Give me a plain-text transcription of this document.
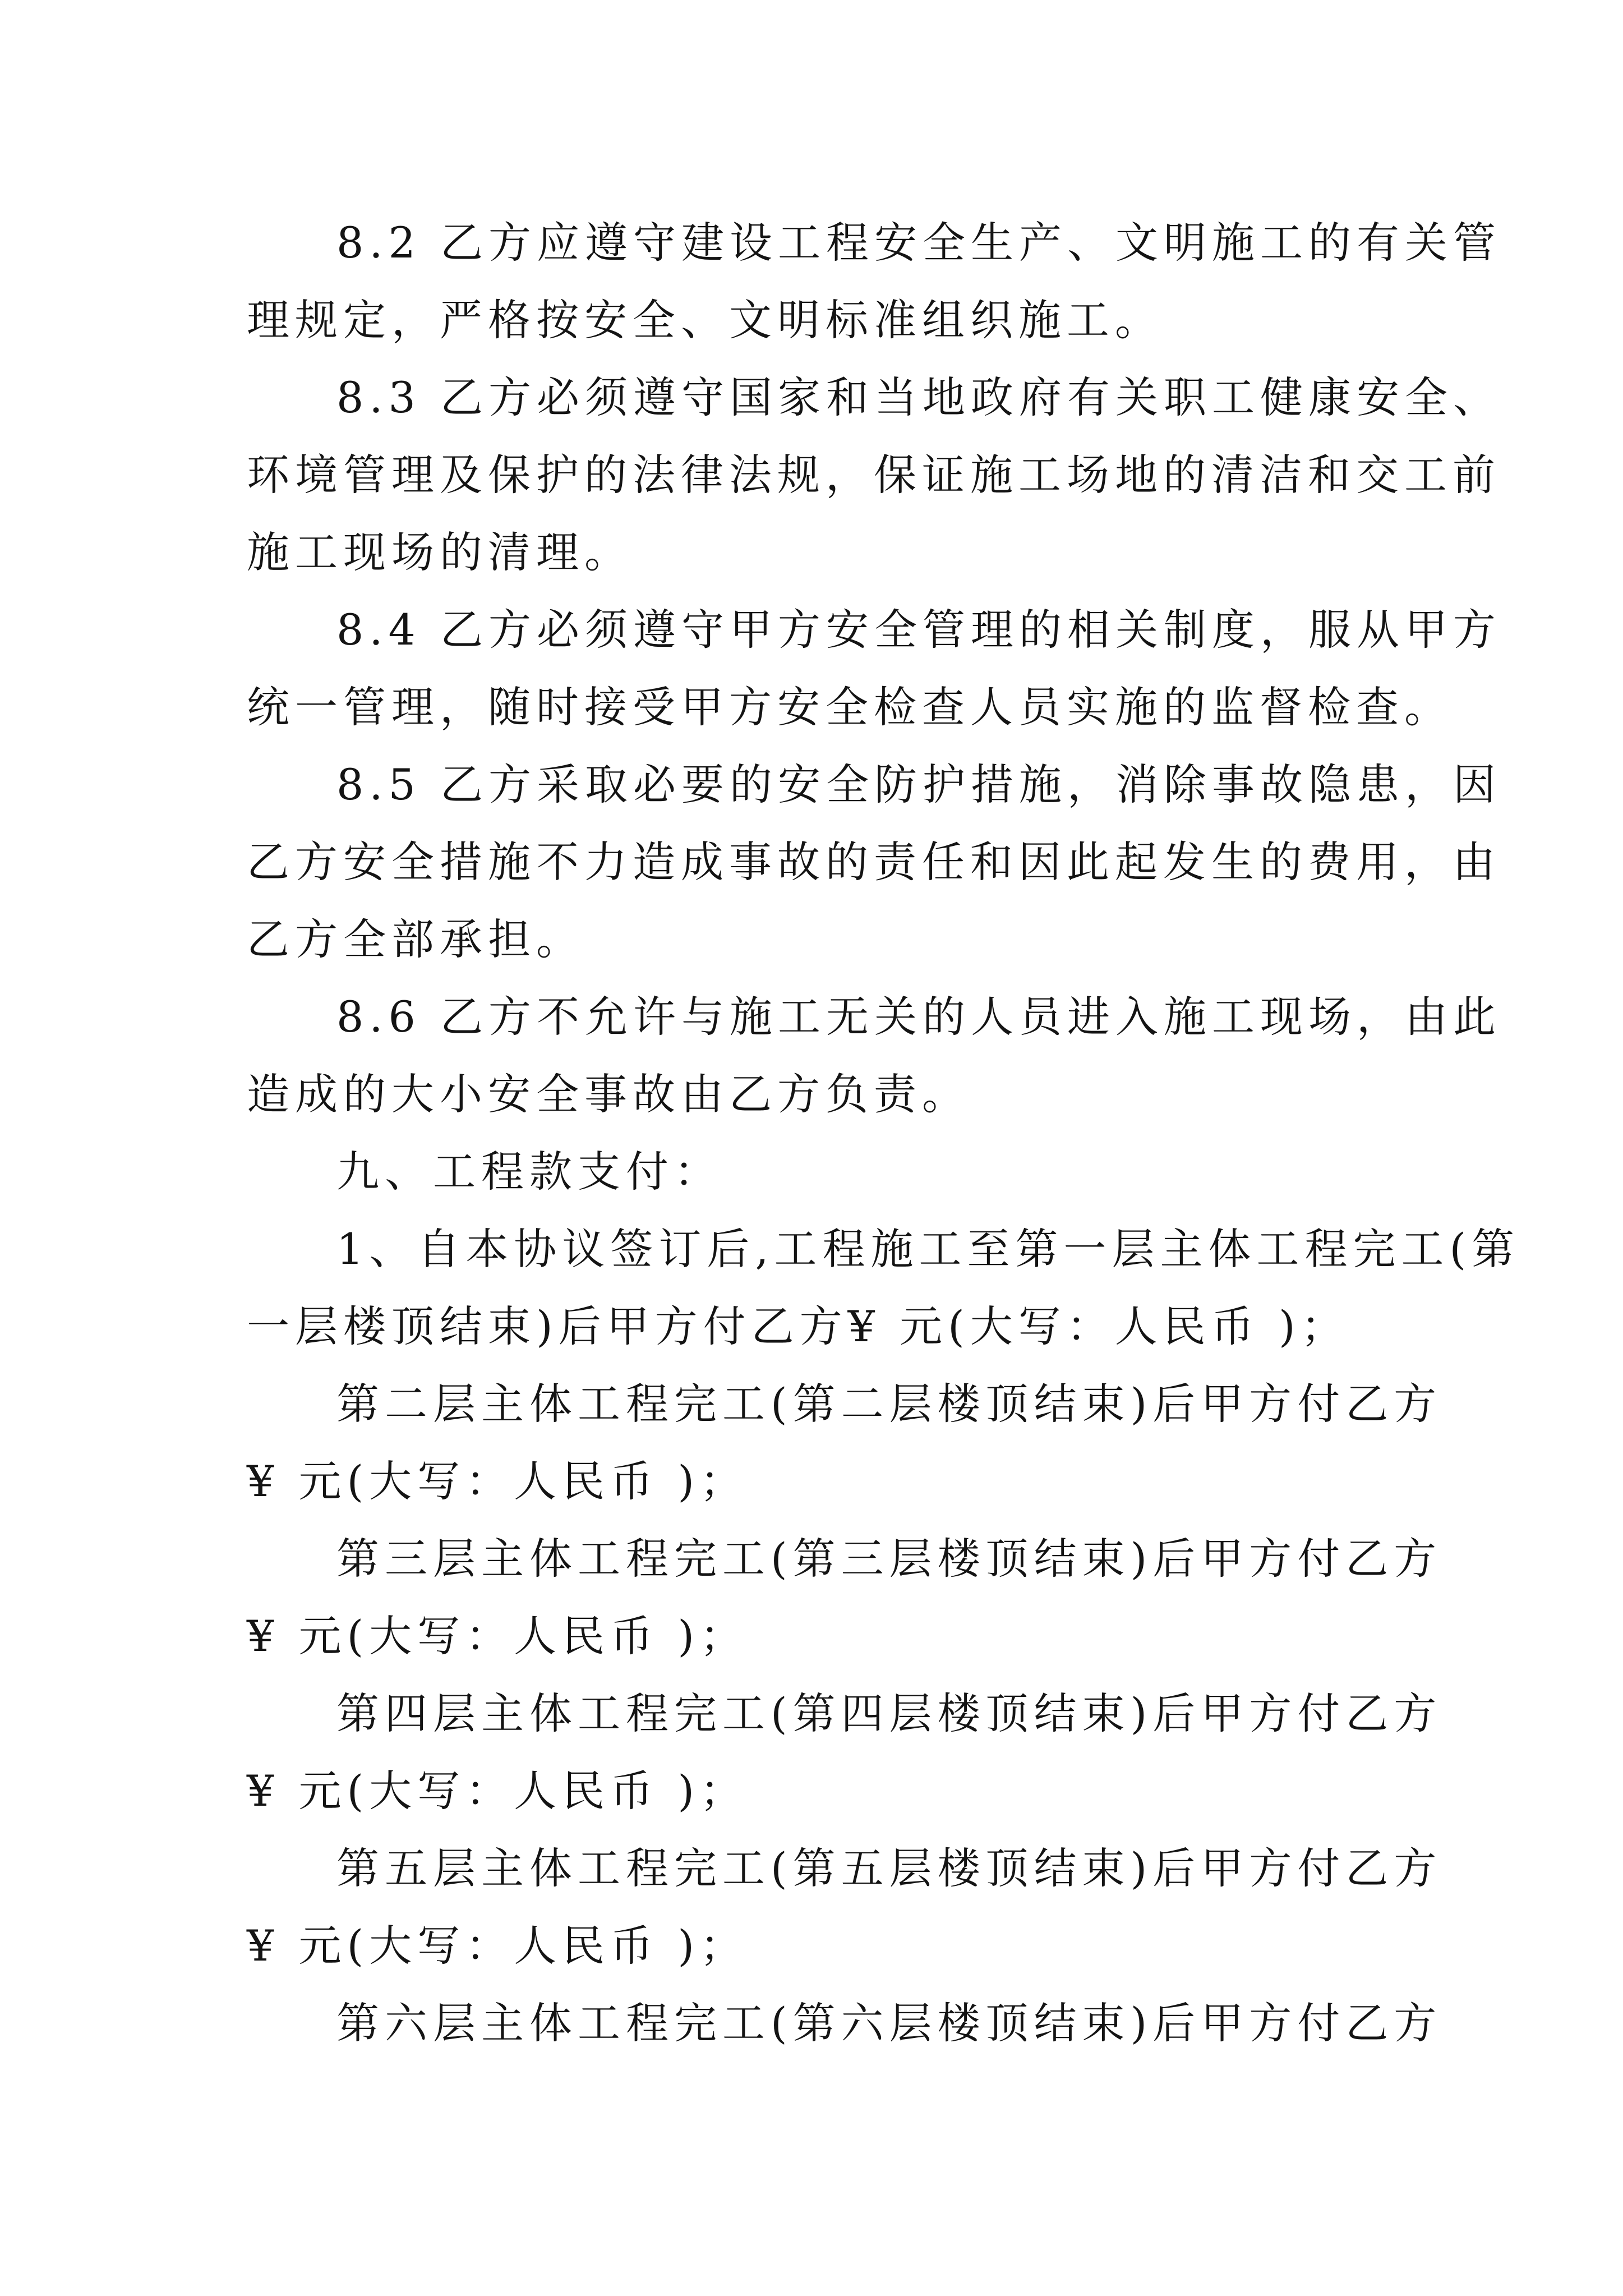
8.2 乙方应遵守建设工程安全生产、文明施工的有关管
理规定，严格按安全、文明标准组织施工。
8.3 乙方必须遵守国家和当地政府有关职工健康安全、
环境管理及保护的法律法规，保证施工场地的清洁和交工前
施工现场的清理。
8.4 乙方必须遵守甲方安全管理的相关制度，服从甲方
统一管理，随时接受甲方安全检查人员实施的监督检查。
8.5 乙方采取必要的安全防护措施，消除事故隐患，因
乙方安全措施不力造成事故的责任和因此起发生的费用，由
乙方全部承担。
8.6 乙方不允许与施工无关的人员进入施工现场，由此
造成的大小安全事故由乙方负责。
九、工程款支付：
1、自本协议签订后,工程施工至第一层主体工程完工(第
一层楼顶结束)后甲方付乙方¥ 元(大写：人民币 )；
第二层主体工程完工(第二层楼顶结束)后甲方付乙方
¥ 元(大写：人民币 )；
第三层主体工程完工(第三层楼顶结束)后甲方付乙方
¥ 元(大写：人民币 )；
第四层主体工程完工(第四层楼顶结束)后甲方付乙方
¥ 元(大写：人民币 )；
第五层主体工程完工(第五层楼顶结束)后甲方付乙方
¥ 元(大写：人民币 )；
第六层主体工程完工(第六层楼顶结束)后甲方付乙方
